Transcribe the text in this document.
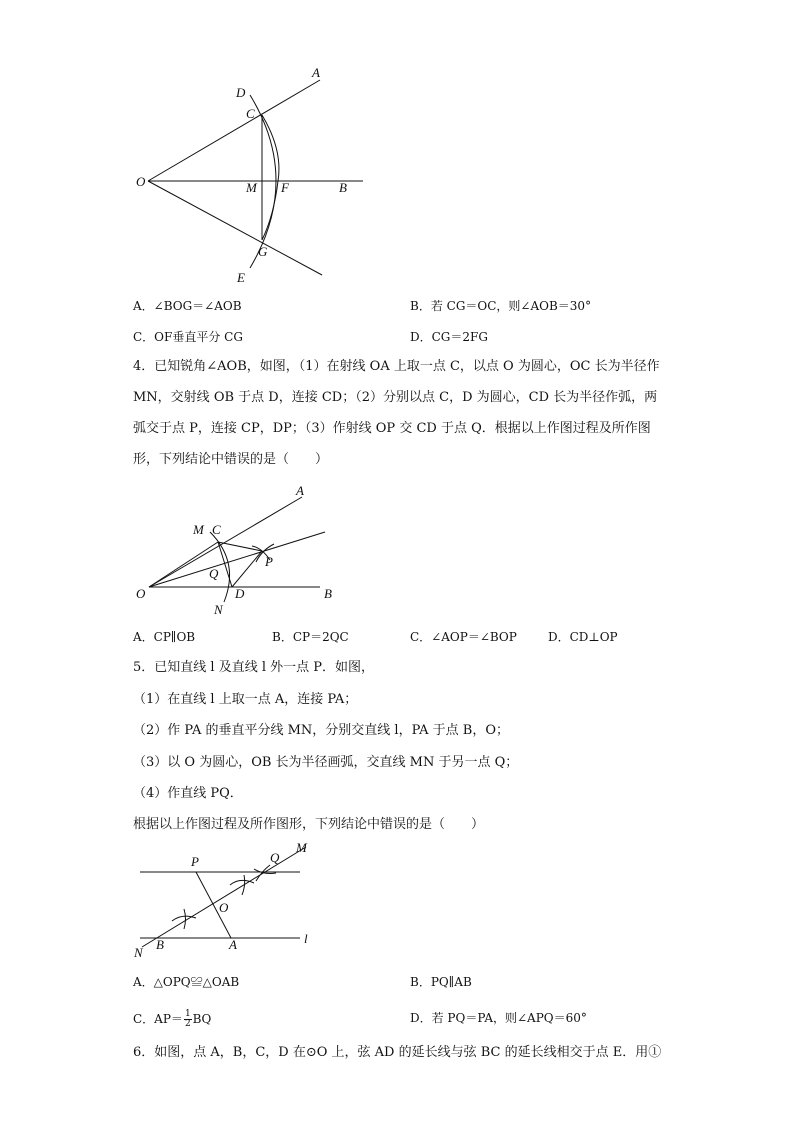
A
D
C
O	M F	B
G
E
A．∠BOG＝∠AOB	B．若 CG＝OC，则∠AOB＝30°
C．OF垂直平分 CG	D．CG＝2FG
4．已知锐角∠AOB，如图，（1）在射线 OA 上取一点 C，以点 O 为圆心，OC 长为半径作
MN，交射线 OB 于点 D，连接 CD；（2）分别以点 C，D 为圆心，CD 长为半径作弧，两
弧交于点 P，连接 CP，DP；（3）作射线 OP 交 CD 于点 Q．根据以上作图过程及所作图
形，下列结论中错误的是（　　）
A
M C
P
Q
O	D	B
N
A．CP∥OB	B．CP＝2QC	C．∠AOP＝∠BOP	D．CD⊥OP
5．已知直线 l 及直线 l 外一点 P．如图，
（1）在直线 l 上取一点 A，连接 PA；
（2）作 PA 的垂直平分线 MN，分别交直线 l，PA 于点 B，O；
（3）以 O 为圆心，OB 长为半径画弧，交直线 MN 于另一点 Q；
（4）作直线 PQ．
根据以上作图过程及所作图形，下列结论中错误的是（　　）
P	Q
M
O
N
B	A	l
A．△OPQ≌△OAB	B．PQ∥AB
C．$AP= \frac{1}{2}$ BQ	D．若 PQ＝PA，则∠APQ＝60°
6．如图，点 A，B，C，D 在⊙O 上，弦 AD 的延长线与弦 BC 的延长线相交于点 E．用①
